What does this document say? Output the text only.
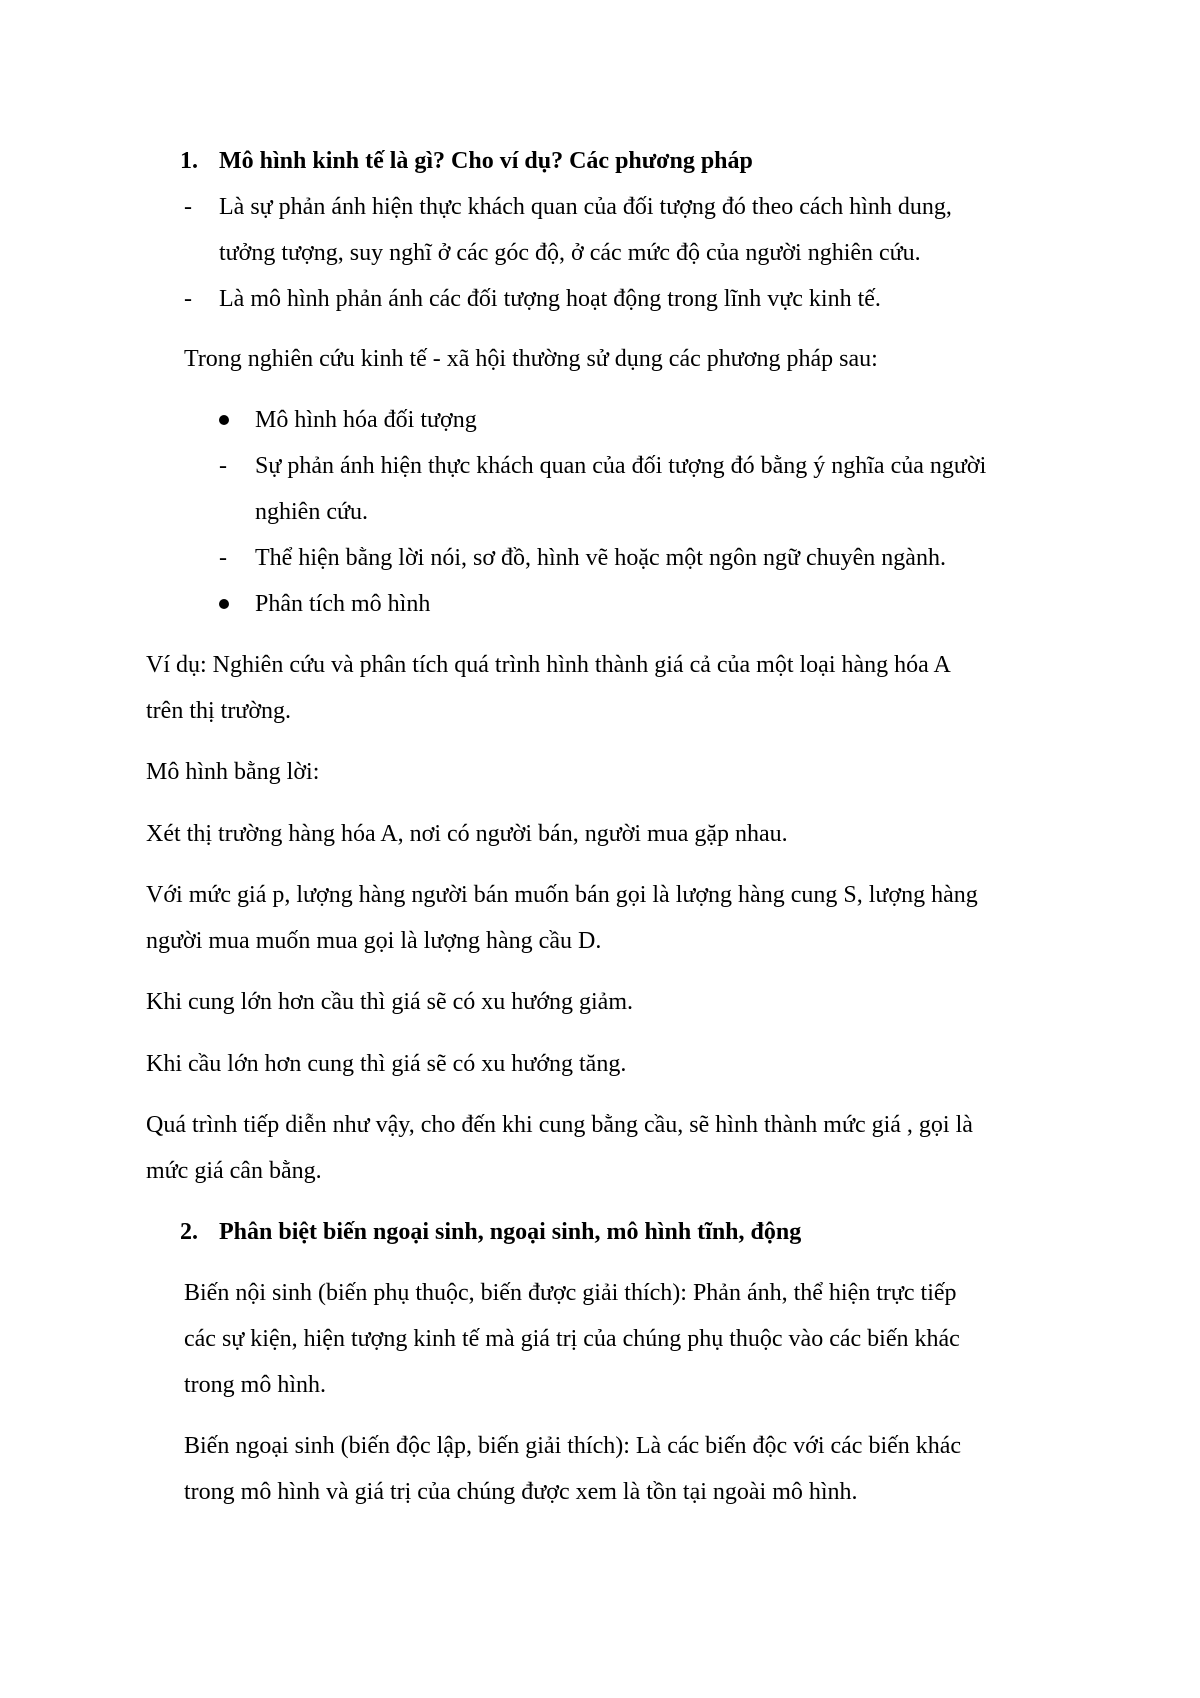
1. Mô hình kinh tế là gì? Cho ví dụ? Các phương pháp
- Là sự phản ánh hiện thực khách quan của đối tượng đó theo cách hình dung,
tưởng tượng, suy nghĩ ở các góc độ, ở các mức độ của người nghiên cứu.
- Là mô hình phản ánh các đối tượng hoạt động trong lĩnh vực kinh tế.
Trong nghiên cứu kinh tế - xã hội thường sử dụng các phương pháp sau:
Mô hình hóa đối tượng
- Sự phản ánh hiện thực khách quan của đối tượng đó bằng ý nghĩa của người
nghiên cứu.
- Thể hiện bằng lời nói, sơ đồ, hình vẽ hoặc một ngôn ngữ chuyên ngành.
Phân tích mô hình
Ví dụ: Nghiên cứu và phân tích quá trình hình thành giá cả của một loại hàng hóa A
trên thị trường.
Mô hình bằng lời:
Xét thị trường hàng hóa A, nơi có người bán, người mua gặp nhau.
Với mức giá p, lượng hàng người bán muốn bán gọi là lượng hàng cung S, lượng hàng
người mua muốn mua gọi là lượng hàng cầu D.
Khi cung lớn hơn cầu thì giá sẽ có xu hướng giảm.
Khi cầu lớn hơn cung thì giá sẽ có xu hướng tăng.
Quá trình tiếp diễn như vậy, cho đến khi cung bằng cầu, sẽ hình thành mức giá , gọi là
mức giá cân bằng.
2. Phân biệt biến ngoại sinh, ngoại sinh, mô hình tĩnh, động
Biến nội sinh (biến phụ thuộc, biến được giải thích): Phản ánh, thể hiện trực tiếp
các sự kiện, hiện tượng kinh tế mà giá trị của chúng phụ thuộc vào các biến khác
trong mô hình.
Biến ngoại sinh (biến độc lập, biến giải thích): Là các biến độc với các biến khác
trong mô hình và giá trị của chúng được xem là tồn tại ngoài mô hình.
